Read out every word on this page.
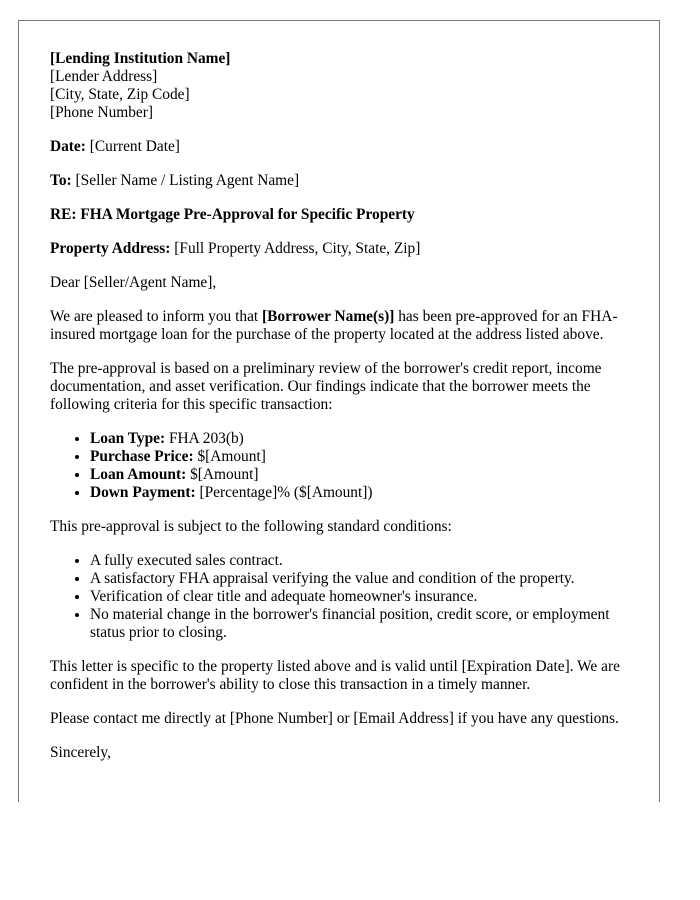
[Lending Institution Name]
[Lender Address]
[City, State, Zip Code]
[Phone Number]

Date: [Current Date]

To: [Seller Name / Listing Agent Name]

RE: FHA Mortgage Pre-Approval for Specific Property

Property Address: [Full Property Address, City, State, Zip]

Dear [Seller/Agent Name],

We are pleased to inform you that [Borrower Name(s)] has been pre-approved for an FHA-insured mortgage loan for the purchase of the property located at the address listed above.

The pre-approval is based on a preliminary review of the borrower's credit report, income documentation, and asset verification. Our findings indicate that the borrower meets the following criteria for this specific transaction:

• Loan Type: FHA 203(b)
• Purchase Price: $[Amount]
• Loan Amount: $[Amount]
• Down Payment: [Percentage]% ($[Amount])

This pre-approval is subject to the following standard conditions:

• A fully executed sales contract.
• A satisfactory FHA appraisal verifying the value and condition of the property.
• Verification of clear title and adequate homeowner's insurance.
• No material change in the borrower's financial position, credit score, or employment status prior to closing.

This letter is specific to the property listed above and is valid until [Expiration Date]. We are confident in the borrower's ability to close this transaction in a timely manner.

Please contact me directly at [Phone Number] or [Email Address] if you have any questions.

Sincerely,
